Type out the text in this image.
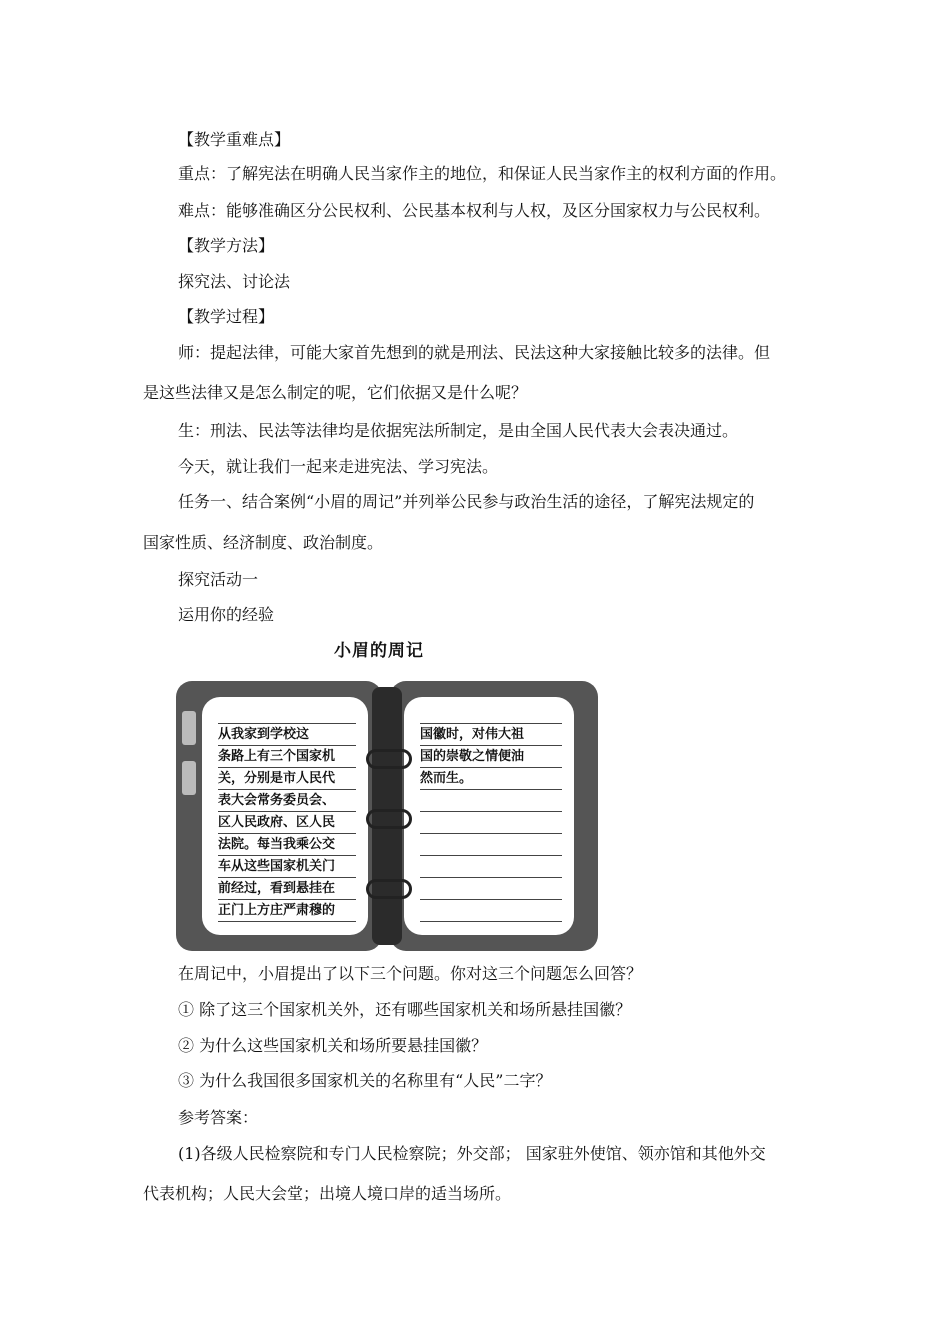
【教学重难点】
重点：了解宪法在明确人民当家作主的地位，和保证人民当家作主的权利方面的作用。
难点：能够准确区分公民权利、公民基本权利与人权，及区分国家权力与公民权利。
【教学方法】
探究法、讨论法
【教学过程】
师：提起法律，可能大家首先想到的就是刑法、民法这种大家接触比较多的法律。但
是这些法律又是怎么制定的呢，它们依据又是什么呢？
生：刑法、民法等法律均是依据宪法所制定，是由全国人民代表大会表决通过。
今天，就让我们一起来走进宪法、学习宪法。
任务一、结合案例“小眉的周记”并列举公民参与政治生活的途径，了解宪法规定的
国家性质、经济制度、政治制度。
探究活动一
运用你的经验
小眉的周记
从我家到学校这
条路上有三个国家机
关，分别是市人民代
表大会常务委员会、
区人民政府、区人民
法院。每当我乘公交
车从这些国家机关门
前经过，看到悬挂在
正门上方庄严肃穆的
国徽时，对伟大祖
国的崇敬之情便油
然而生。
在周记中，小眉提出了以下三个问题。你对这三个问题怎么回答？
① 除了这三个国家机关外，还有哪些国家机关和场所悬挂国徽？
② 为什么这些国家机关和场所要悬挂国徽？
③ 为什么我国很多国家机关的名称里有“人民”二字？
参考答案：
(1)各级人民检察院和专门人民检察院；外交部； 国家驻外使馆、领亦馆和其他外交
代表机构；人民大会堂；出境人境口岸的适当场所。
